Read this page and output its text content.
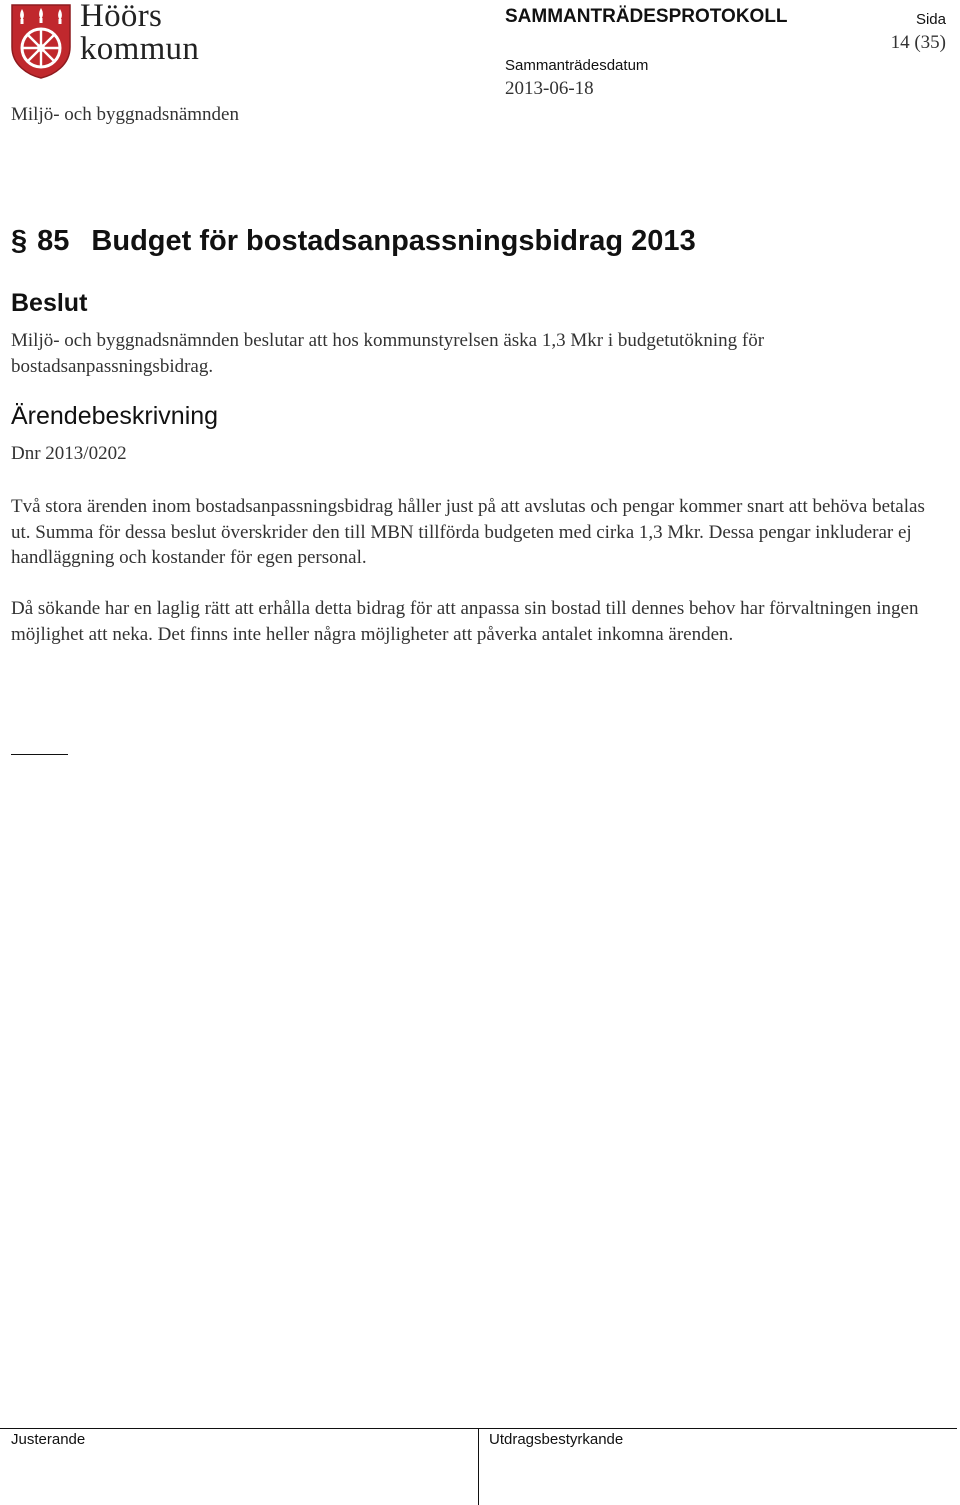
Höörs
kommun
Miljö- och byggnadsnämnden
SAMMANTRÄDESPROTOKOLL
Sammanträdesdatum
2013-06-18
Sida
14 (35)
§ 85 Budget för bostadsanpassningsbidrag 2013
Beslut

Miljö- och byggnadsnämnden beslutar att hos kommunstyrelsen äska 1,3 Mkr i budgetutökning för bostadsanpassningsbidrag.

Ärendebeskrivning

Dnr 2013/0202

Två stora ärenden inom bostadsanpassningsbidrag håller just på att avslutas och pengar kommer snart att behöva betalas ut. Summa för dessa beslut överskrider den till MBN tillförda budgeten med cirka 1,3 Mkr. Dessa pengar inkluderar ej handläggning och kostander för egen personal.

Då sökande har en laglig rätt att erhålla detta bidrag för att anpassa sin bostad till dennes behov har förvaltningen ingen möjlighet att neka. Det finns inte heller några möjligheter att påverka antalet inkomna ärenden.

Justerande	Utdragsbestyrkande
